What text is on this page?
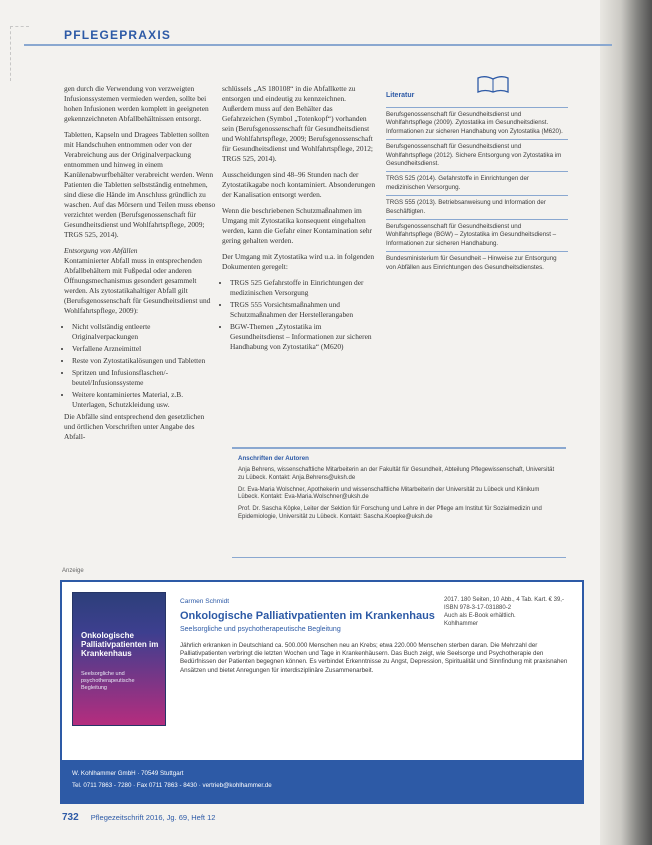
PFLEGEPRAXIS

gen durch die Verwendung von verzweigten Infusionssystemen vermieden werden, sollte bei hohen Infusionen werden komplett in geeigneten gekennzeichneten Abfallbehältnissen entsorgt.

Tabletten, Kapseln und Dragees Tabletten sollten mit Handschuhen entnommen oder von der Verabreichung aus der Originalverpackung entnommen und hinweg in einem Kanülenabwurfbehälter verabreicht werden. Wenn Patienten die Tabletten selbstständig entnehmen, sind diese die Hände im Anschluss gründlich zu waschen. Auf das Mörsern und Teilen muss ebenso verzichtet werden (Berufsgenossenschaft für Gesundheitsdienst und Wohlfahrtspflege, 2009; TRGS 525, 2014).

Entsorgung von Abfällen

Kontaminierter Abfall muss in entsprechenden Abfallbehältern mit Fußpedal oder anderen Öffnungsmechanismus gesondert gesammelt werden. Als zytostatikahaltiger Abfall gilt (Berufsgenossenschaft für Gesundheitsdienst und Wohlfahrtspflege, 2009):

• Nicht vollständig entleerte Originalverpackungen
• Verfallene Arzneimittel
• Reste von Zytostatikalösungen und Tabletten
• Spritzen und Infusionsflaschen/-beutel/Infusionssysteme
• Weitere kontaminiertes Material, z.B. Unterlagen, Schutzkleidung usw.

Die Abfälle sind entsprechend den gesetzlichen und örtlichen Vorschriften unter Angabe des Abfall-

schlüssels „AS 180108“ in die Abfallkette zu entsorgen und eindeutig zu kennzeichnen. Außerdem muss auf den Behälter das Gefahrzeichen (Symbol „Totenkopf“) vorhanden sein (Berufsgenossenschaft für Gesundheitsdienst und Wohlfahrtspflege, 2009; Berufsgenossenschaft für Gesundheitsdienst und Wohlfahrtspflege, 2012; TRGS 525, 2014).

Ausscheidungen sind 48–96 Stunden nach der Zytostatikagabe noch kontaminiert. Absonderungen der Kanalisation entsorgt werden.

Wenn die beschriebenen Schutzmaßnahmen im Umgang mit Zytostatika konsequent eingehalten werden, kann die Gefahr einer Kontamination sehr gering gehalten werden.

Der Umgang mit Zytostatika wird u.a. in folgenden Dokumenten geregelt:

• TRGS 525 Gefahrstoffe in Einrichtungen der medizinischen Versorgung
• TRGS 555 Vorsichtsmaßnahmen und Schutzmaßnahmen der Herstellerangaben
• BGW-Themen „Zytostatika im Gesundheitsdienst – Informationen zur sicheren Handhabung von Zytostatika“ (M620)
Literatur
Berufsgenossenschaft für Gesundheitsdienst und Wohlfahrtspflege (2009). Zytostatika im Gesundheitsdienst. Informationen zur sicheren Handhabung von Zytostatika (M620).
Berufsgenossenschaft für Gesundheitsdienst und Wohlfahrtspflege (2012). Sichere Entsorgung von Zytostatika im Gesundheitsdienst.
TRGS 525 (2014). Gefahrstoffe in Einrichtungen der medizinischen Versorgung.
TRGS 555 (2013). Betriebsanweisung und Information der Beschäftigten.
Berufsgenossenschaft für Gesundheitsdienst und Wohlfahrtspflege (BGW) – Zytostatika im Gesundheitsdienst – Informationen zur sicheren Handhabung.
Bundesministerium für Gesundheit – Hinweise zur Entsorgung von Abfällen aus Einrichtungen des Gesundheitsdienstes.
Anschriften der Autoren

Anja Behrens, wissenschaftliche Mitarbeiterin an der Fakultät für Gesundheit, Abteilung Pflegewissenschaft, Universität zu Lübeck. Kontakt: Anja.Behrens@uksh.de

Dr. Eva-Maria Wolschner, Apothekerin und wissenschaftliche Mitarbeiterin der Universität zu Lübeck und Klinikum Lübeck. Kontakt: Eva-Maria.Wolschner@uksh.de

Prof. Dr. Sascha Köpke, Leiter der Sektion für Forschung und Lehre in der Pflege am Institut für Sozialmedizin und Epidemiologie, Universität zu Lübeck. Kontakt: Sascha.Koepke@uksh.de

Anzeige
Onkologische Palliativpatienten im Krankenhaus
Seelsorgliche und psychotherapeutische Begleitung
Carmen Schmidt
Onkologische Palliativpatienten im Krankenhaus
Seelsorgliche und psychotherapeutische Begleitung
2017. 180 Seiten, 10 Abb., 4 Tab. Kart. € 39,-
ISBN 978-3-17-031880-2
Auch als E-Book erhältlich.
Kohlhammer
Jährlich erkranken in Deutschland ca. 500.000 Menschen neu an Krebs; etwa 220.000 Menschen sterben daran. Die Mehrzahl der Palliativpatienten verbringt die letzten Wochen und Tage in Krankenhäusern. Das Buch zeigt, wie Seelsorge und Psychotherapie den Bedürfnissen der Patienten begegnen können. Es verbindet Erkenntnisse zu Angst, Depression, Spiritualität und Sinnfindung mit praxisnahen Ansätzen und bietet Anregungen für interdisziplinäre Zusammenarbeit.
W. Kohlhammer GmbH · 70549 Stuttgart
Tel. 0711 7863 - 7280 · Fax 0711 7863 - 8430 · vertrieb@kohlhammer.de
732 Pflegezeitschrift 2016, Jg. 69, Heft 12
